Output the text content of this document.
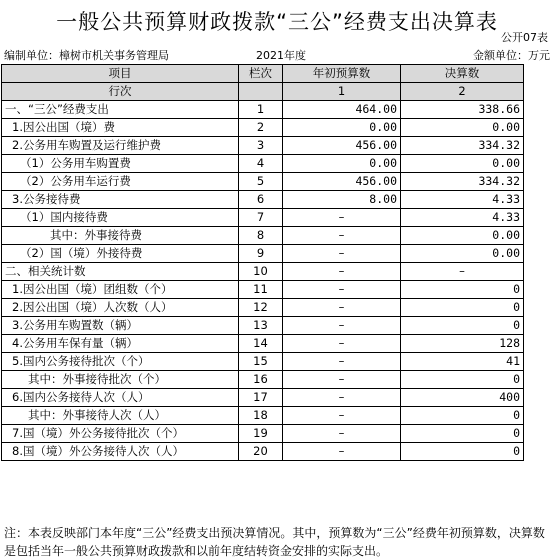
一般公共预算财政拨款“三公”经费支出决算表
公开07表
编制单位：樟树市机关事务管理局	2021年度	金额单位：万元
项目	栏次	年初预算数	决算数
行次		1	2
一、“三公”经费支出	1	464.00	338.66
1.因公出国（境）费	2	0.00	0.00
2.公务用车购置及运行维护费	3	456.00	334.32
（1）公务用车购置费	4	0.00	0.00
（2）公务用车运行费	5	456.00	334.32
3.公务接待费	6	8.00	4.33
（1）国内接待费	7	–	4.33
其中：外事接待费	8	–	0.00
（2）国（境）外接待费	9	–	0.00
二、相关统计数	10	–	–
1.因公出国（境）团组数（个）	11	–	0
2.因公出国（境）人次数（人）	12	–	0
3.公务用车购置数（辆）	13	–	0
4.公务用车保有量（辆）	14	–	128
5.国内公务接待批次（个）	15	–	41
其中：外事接待批次（个）	16	–	0
6.国内公务接待人次（人）	17	–	400
其中：外事接待人次（人）	18	–	0
7.国（境）外公务接待批次（个）	19	–	0
8.国（境）外公务接待人次（人）	20	–	0
注：本表反映部门本年度“三公”经费支出预决算情况。其中，预算数为“三公”经费年初预算数，决算数是包括当年一般公共预算财政拨款和以前年度结转资金安排的实际支出。
